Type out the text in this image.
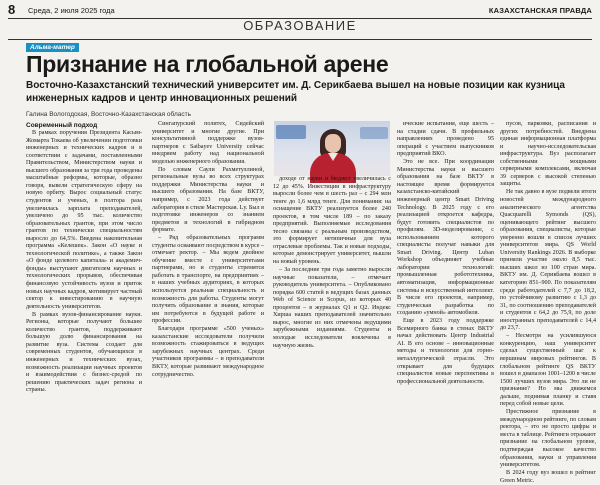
8 Среда, 2 июля 2025 года	КАЗАХСТАНСКАЯ ПРАВДА
ОБРАЗОВАНИЕ
Альма-матер
Признание на глобальной арене
Восточно-Казахстанский технический университет им. Д. Серикбаева вышел на новые позиции как кузница инженерных кадров и центр инновационных решений
Галина Вологодская, Восточно-Казахстанская область

Современный подход

В рамках поручения Президента Касым-Жомарта Токаева об увеличении подготовки инженерных и технических кадров и в соответствии с задачами, поставленными Правительством, Министерством науки и высшего образования за три года проведены масштабные реформы, которые, образно говоря, вывели стратегическую сферу на новую орбиту. Вырос социальный статус студентов и ученых, в полтора раза увеличилась зарплата преподавателей, увеличено до 95 тыс. количество образовательных грантов, при этом число грантов по технически специальностям выросло до 64,5%. Введена накопительная программа «Келешек». Закон «О науке и технологической политике», а также Закон «О фонде целевого капитала» и академич-фонды» выступают двигателем научных и технологических прорывов, обеспечивая финансовую устойчивость вузов и приток новых научных кадров, мотивирует частный сектор к инвестированию в научную деятельность университетов.

В рамках вузов-финансирование науки. Регионы, которые получают большее количество грантов, поддерживают большую долю финансирования на развитие вуза. Система создает для современных студентов, обучающихся в инженерных и технических вузах, возможность реализации научных проектов и взаимодействия с бизнес-средой по решению практических задач региона и страны.

Сингапурский политех, Сидейский университет и многие другие. При консультативной поддержке вузов-партнеров с Satbayev University сейчас внедряем работу над национальной моделью инженерного образования.

По словам Саули Рахметуллиной, региональные вузы во всех структурах поддержки Министерства науки и высшего образования. На базе ВКТУ, например, с 2023 года действует лаборатория в стиле Мастерская. Lу. Был в подготовке инженеров со знанием предметов и технологий в гибридном формате.

– Ряд образовательных программ студенты осваивают посредством в курсе – отмечает ректор. – Мы ведем двойное обучение вместе с университетами партнерами, но и студенты стремятся работать в транспорте, на предприятиях – в наших учебных аудиториях, в которых используется реальная специальность и возможность для работы. Студенты могут получить образование и знания, которые им потребуются в будущей работе и профессии.

Благодаря программе «500 ученых» казахстанские исследователи получили возможность стажироваться в ведущих зарубежных научных центрах. Среди участников программы – и преподаватели ВКТУ, которые развивают международное сотрудничество.

доходе от науки и бюджет увеличилась с 12 до 45%. Инвестиции в инфраструктуру выросли более чем в шесть раз – с 294 млн тенге до 1,6 млрд тенге. Для понимания: на оснащение ВКТУ реализуется более 240 проектов, в том числе 189 – по заказу предприятий. Выполняемые исследования тесно связаны с реальным производством, это формирует нетипичные для вуза отраслевые проблемы. Так и новые подходы, которые демонстрирует университет, вышли на новый уровень.

– За последние три года заметно выросли научные показатели, – отмечает руководитель университета. – Опубликовано порядка 600 статей в ведущих базах данных Web of Science и Scopus, из которых 40 процентов – в журналах Q1 и Q2. Индекс Хирша наших преподавателей значительно вырос, многие из них отмечены ведущими зарубежными изданиями. Студенты и молодые исследователи вовлечены в научную жизнь.

ические испытания, еще шесть – на стадии сдачи. В профильных направлениях проведено 95 операций с участием выпускников предприятий ВКО.

Это не все. При координации Министерства науки и высшего образования на базе ВКТУ в настоящее время формируется казахстанско-китайский инженерный центр Smart Driving Technology. В 2025 году с его реализацией откроется кафедра, будут готовить специалистов по профилям. 3D-моделирование, с использованием которого специалисты получат навыки для Smart Driving. Центр Luban Workshop объединяет учебные лаборатории технологий: промышленная робототехника, автоматизация, информационные системы и искусственный интеллект. В числе его проектов, например, студенческая разработка по созданию «умной» автомобиля.

Еще в 2023 году поддержке Всемирного банка в стенах ВКТУ начал действовать Центр Industrial AI. В его основе – инновационные методы и технологии для горно-металлургической отрасли. Это открывает для будущих специалистов новые перспективы в профессиональной деятельности.

пусов, парковки, расписания и других потребностей. Внедрена единая информационная платформа и научно-исследовательская инфраструктура. Вуз располагает собственными мощными серверными комплексами, включая 39 серверов с высокой степенью защиты.

Не так давно в вузе подвели итоги новостей международного аналитического агентства Quacquarelli Symonds (QS), оценивающего рейтинг высшего образования, специалисты, которые уверенно вошли в список лучших университетов мира. QS World University Rankings 2026. В выборке приняли участие около 8,5 тыс. высших школ из 100 стран мира. ВКТУ им. Д. Серикбаева вошел в категорию 851–900. По показателям среди работодателей с 7,7 до 18,2, по устойчивому развитию с 1,3 до 31, по соотношению преподавателей и студентов с 64,2 до 75,9, по доле иностранных преподавателей с 14,4 до 23,7.

– Несмотря на усилившуюся конкуренцию, наш университет сделал существенный шаг к вершинам мировых рейтингов. В глобальном рейтинге QS ВКТУ вошел в диапазон 1001–1200 в числе 1500 лучших вузов мира. Это ли не признание? Но мы движемся дальше, поднимая планку и ставя перед собой новые цели.

Престижное признание в международном рейтинге, по словам ректора, – это не просто цифры и места в таблице. Рейтинги отражают признание на глобальном уровне, подтверждая высокое качество образования, науки и управления университетом.

В 2024 году вуз вошел в рейтинг Green Metric.
